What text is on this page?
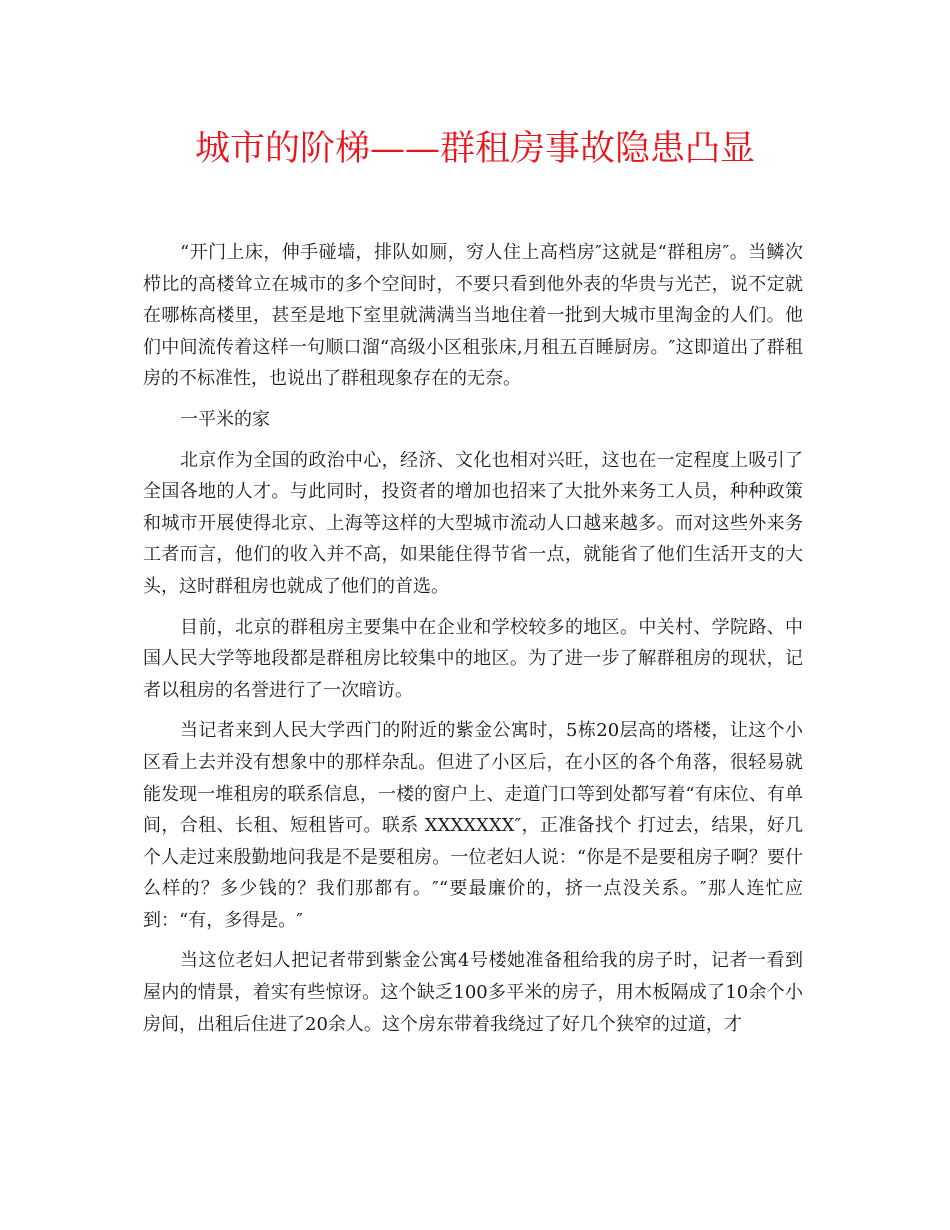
城市的阶梯——群租房事故隐患凸显

“开门上床，伸手碰墙，排队如厕，穷人住上高档房″这就是“群租房″。当鳞次栉比的高楼耸立在城市的多个空间时，不要只看到他外表的华贵与光芒，说不定就在哪栋高楼里，甚至是地下室里就满满当当地住着一批到大城市里淘金的人们。他们中间流传着这样一句顺口溜“高级小区租张床,月租五百睡厨房。″这即道出了群租房的不标准性，也说出了群租现象存在的无奈。

一平米的家

北京作为全国的政治中心，经济、文化也相对兴旺，这也在一定程度上吸引了全国各地的人才。与此同时，投资者的增加也招来了大批外来务工人员，种种政策和城市开展使得北京、上海等这样的大型城市流动人口越来越多。而对这些外来务工者而言，他们的收入并不高，如果能住得节省一点，就能省了他们生活开支的大头，这时群租房也就成了他们的首选。

目前，北京的群租房主要集中在企业和学校较多的地区。中关村、学院路、中国人民大学等地段都是群租房比较集中的地区。为了进一步了解群租房的现状，记者以租房的名誉进行了一次暗访。

当记者来到人民大学西门的附近的紫金公寓时，5栋20层高的塔楼，让这个小区看上去并没有想象中的那样杂乱。但进了小区后，在小区的各个角落，很轻易就能发现一堆租房的联系信息，一楼的窗户上、走道门口等到处都写着“有床位、有单间，合租、长租、短租皆可。联系 XXXXXXX″，正准备找个 打过去，结果，好几个人走过来殷勤地问我是不是要租房。一位老妇人说：“你是不是要租房子啊？要什么样的？多少钱的？我们那都有。″“要最廉价的，挤一点没关系。″那人连忙应到：“有，多得是。″

当这位老妇人把记者带到紫金公寓4号楼她准备租给我的房子时，记者一看到屋内的情景，着实有些惊讶。这个缺乏100多平米的房子，用木板隔成了10余个小房间，出租后住进了20余人。这个房东带着我绕过了好几个狭窄的过道，才
